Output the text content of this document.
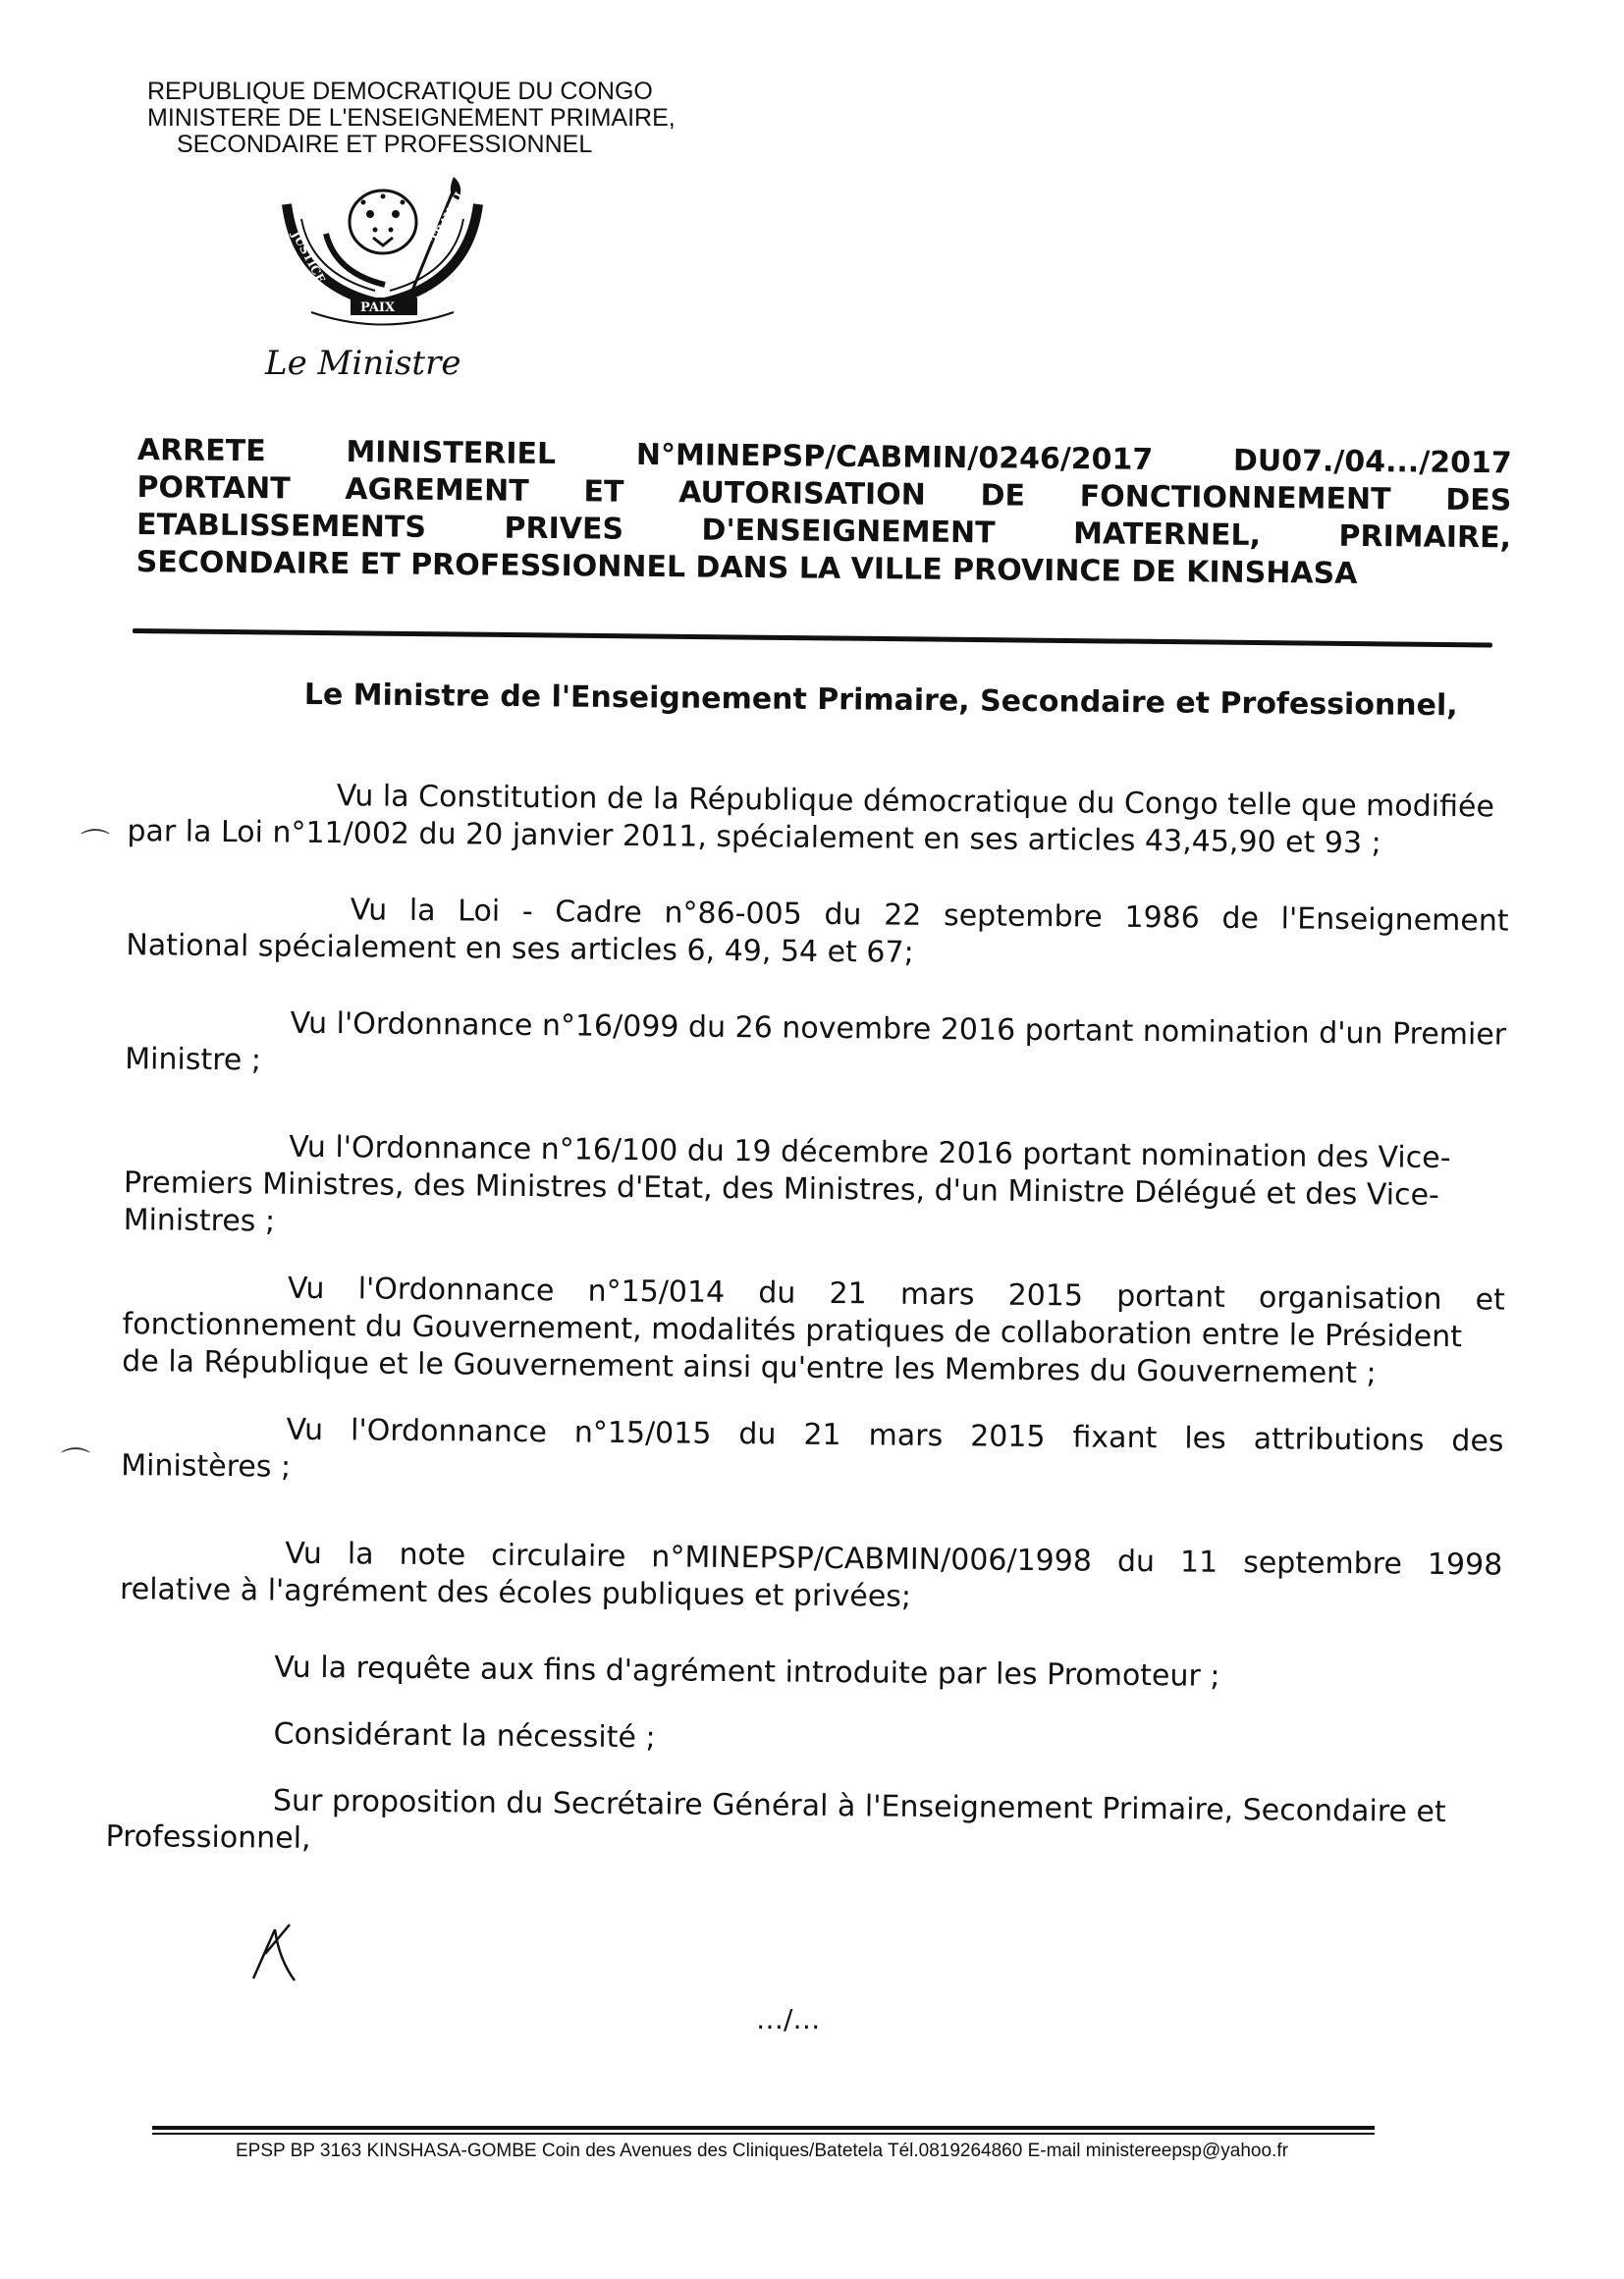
REPUBLIQUE DEMOCRATIQUE DU CONGO
MINISTERE DE L'ENSEIGNEMENT PRIMAIRE,
SECONDAIRE ET PROFESSIONNEL
JUSTICE
TRAVAIL
PAIX
Le Ministre
ARRETE	MINISTERIEL	N°MINEPSP/CABMIN/0246/2017	DU07./04.../2017
PORTANT AGREMENT ET AUTORISATION DE FONCTIONNEMENT DES
ETABLISSEMENTS	PRIVES	D'ENSEIGNEMENT	MATERNEL,	PRIMAIRE,
SECONDAIRE ET PROFESSIONNEL DANS LA VILLE PROVINCE DE KINSHASA
Le Ministre de l'Enseignement Primaire, Secondaire et Professionnel,
Vu la Constitution de la République démocratique du Congo telle que modifiée
par la Loi n°11/002 du 20 janvier 2011, spécialement en ses articles 43,45,90 et 93 ;
Vu la Loi - Cadre n°86-005 du 22 septembre 1986 de l'Enseignement
National spécialement en ses articles 6, 49, 54 et 67;
Vu l'Ordonnance n°16/099 du 26 novembre 2016 portant nomination d'un Premier
Ministre ;
Vu l'Ordonnance n°16/100 du 19 décembre 2016 portant nomination des Vice-
Premiers Ministres, des Ministres d'Etat, des Ministres, d'un Ministre Délégué et des Vice-
Ministres ;
Vu l'Ordonnance n°15/014 du 21 mars 2015 portant organisation et
fonctionnement du Gouvernement, modalités pratiques de collaboration entre le Président
de la République et le Gouvernement ainsi qu'entre les Membres du Gouvernement ;
Vu l'Ordonnance n°15/015 du 21 mars 2015 fixant les attributions des
Ministères ;
Vu la note circulaire n°MINEPSP/CABMIN/006/1998 du 11 septembre 1998
relative à l'agrément des écoles publiques et privées;
Vu la requête aux fins d'agrément introduite par les Promoteur ;
Considérant la nécessité ;
Sur proposition du Secrétaire Général à l'Enseignement Primaire, Secondaire et
Professionnel,
…/…
EPSP BP 3163 KINSHASA-GOMBE Coin des Avenues des Cliniques/Batetela Tél.0819264860 E-mail ministereepsp@yahoo.fr
⌒
⌒
